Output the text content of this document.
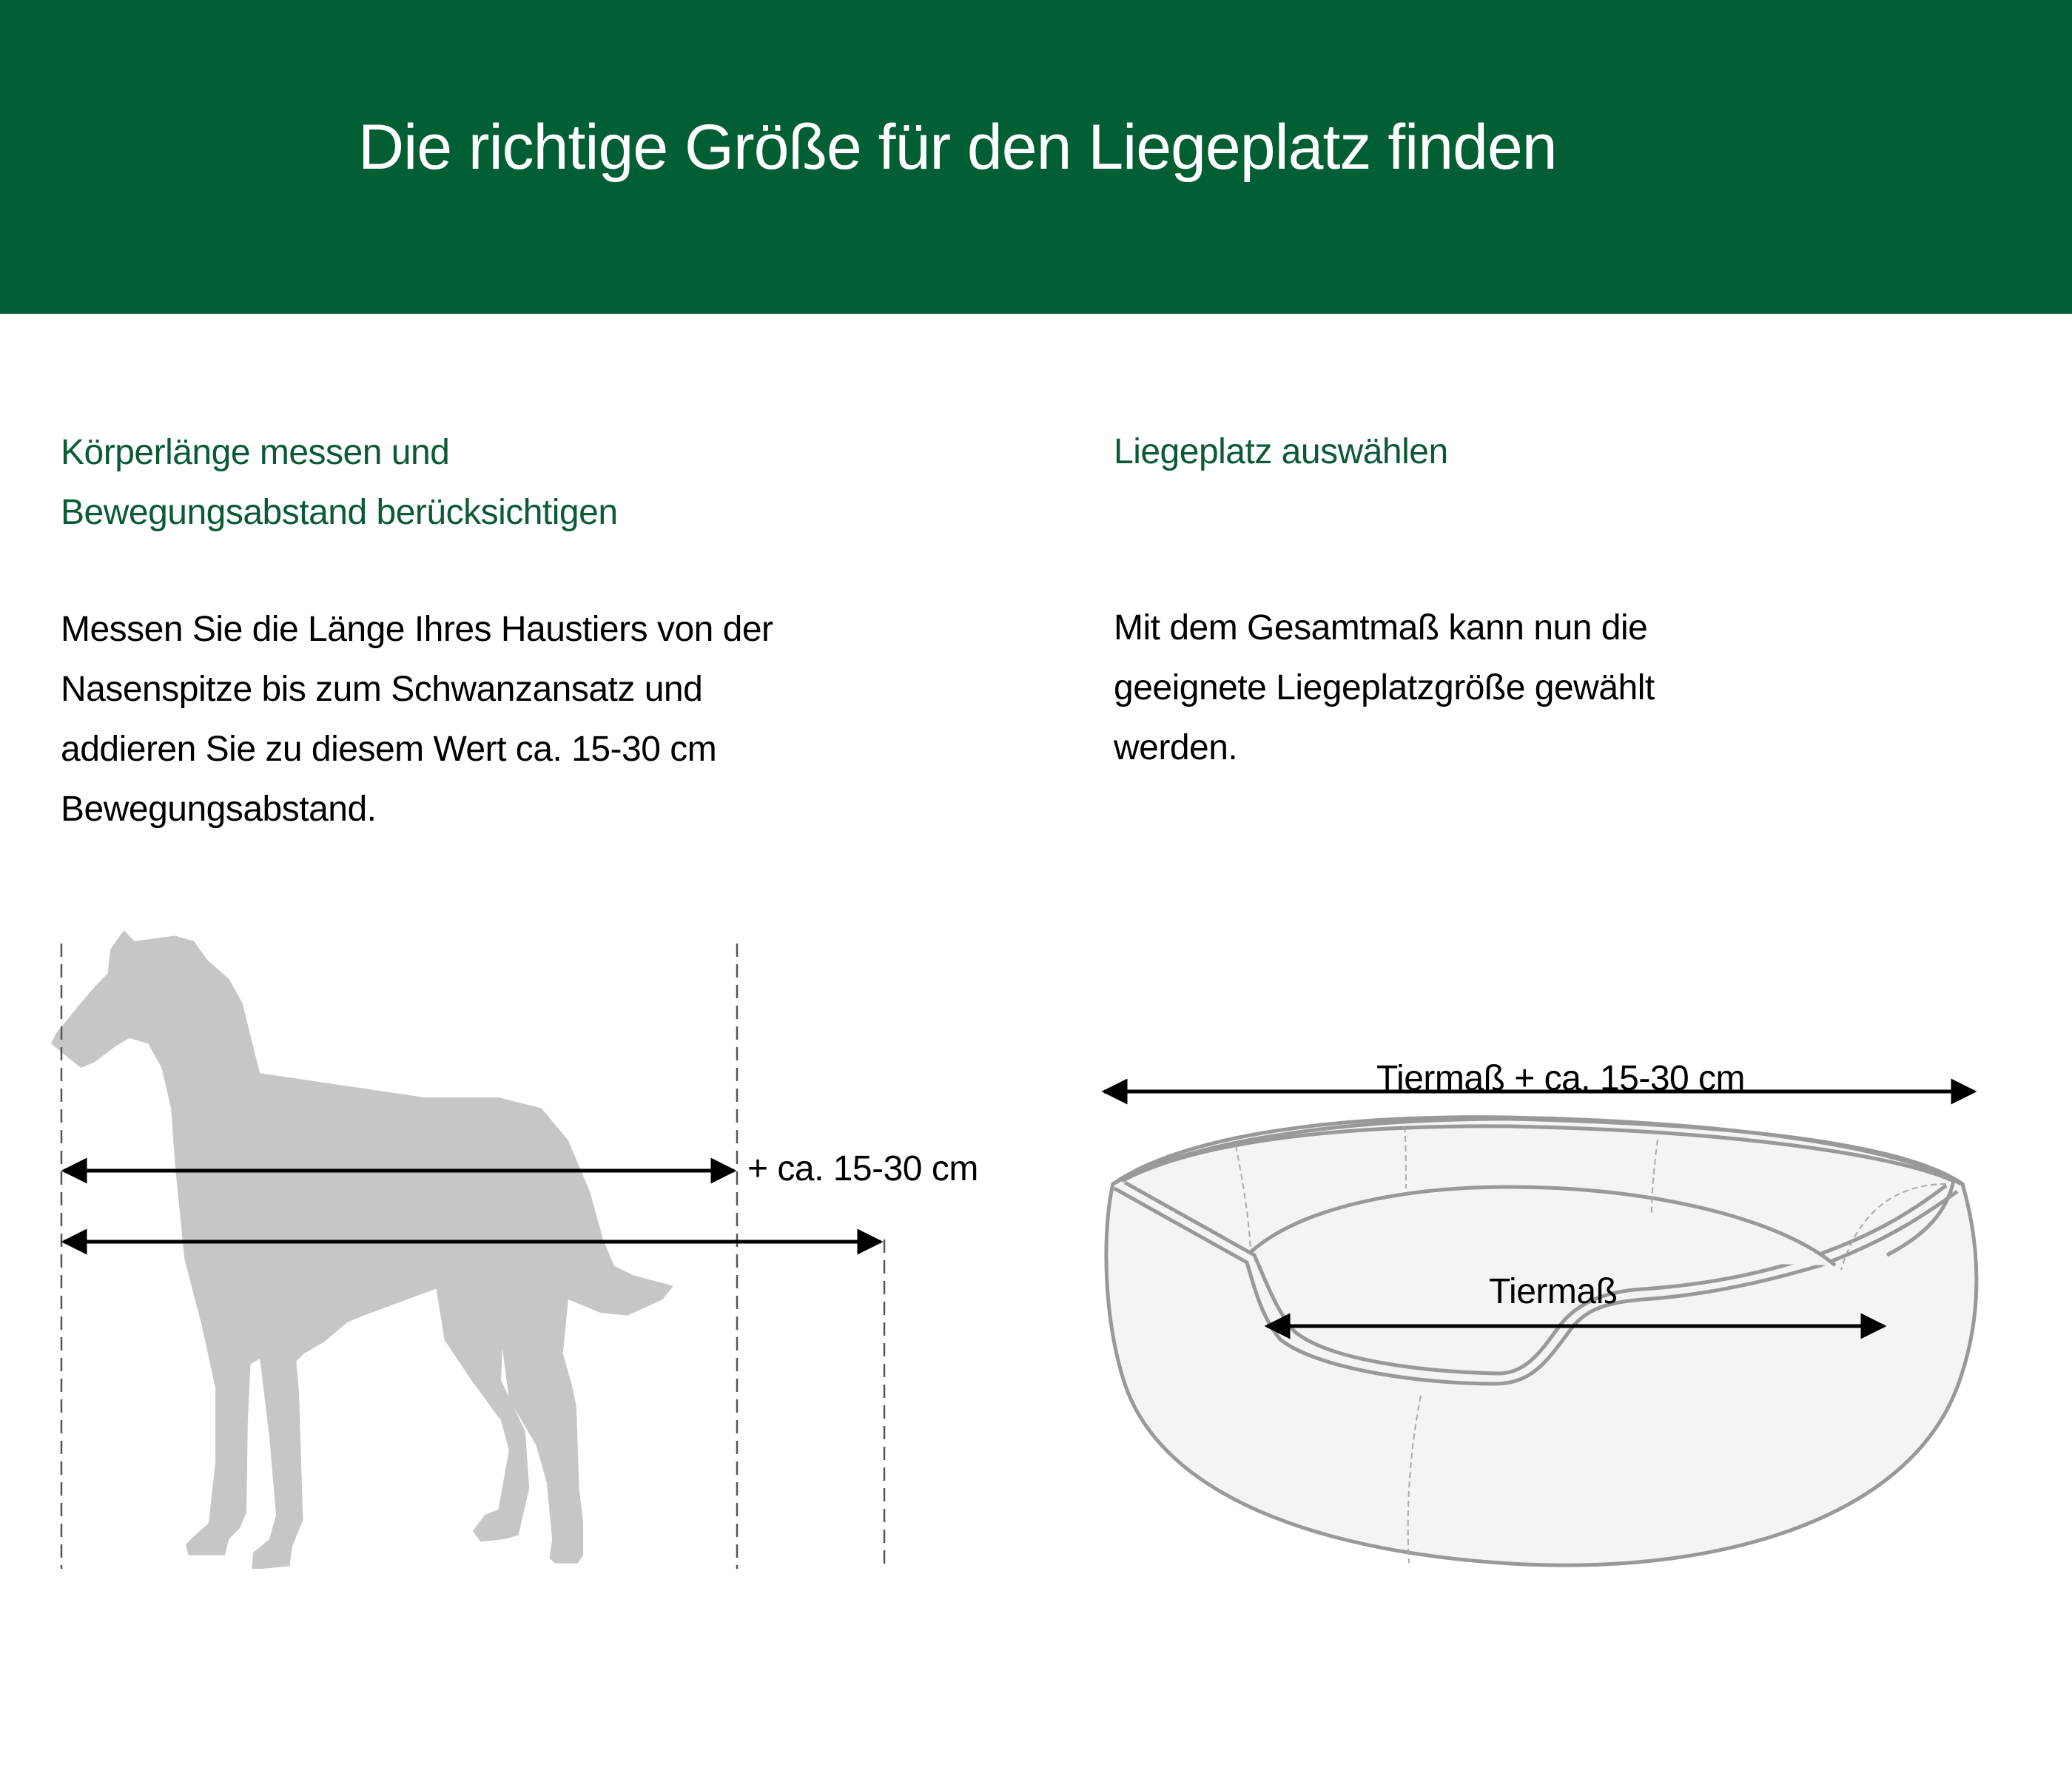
Die richtige Größe für den Liegeplatz finden
Körperlänge messen und
Bewegungsabstand berücksichtigen
Messen Sie die Länge Ihres Haustiers von der
Nasenspitze bis zum Schwanzansatz und
addieren Sie zu diesem Wert ca. 15-30 cm
Bewegungsabstand.
Liegeplatz auswählen
Mit dem Gesamtmaß kann nun die
geeignete Liegeplatzgröße gewählt
werden.
+ ca. 15-30 cm
Tiermaß + ca. 15-30 cm
Tiermaß
